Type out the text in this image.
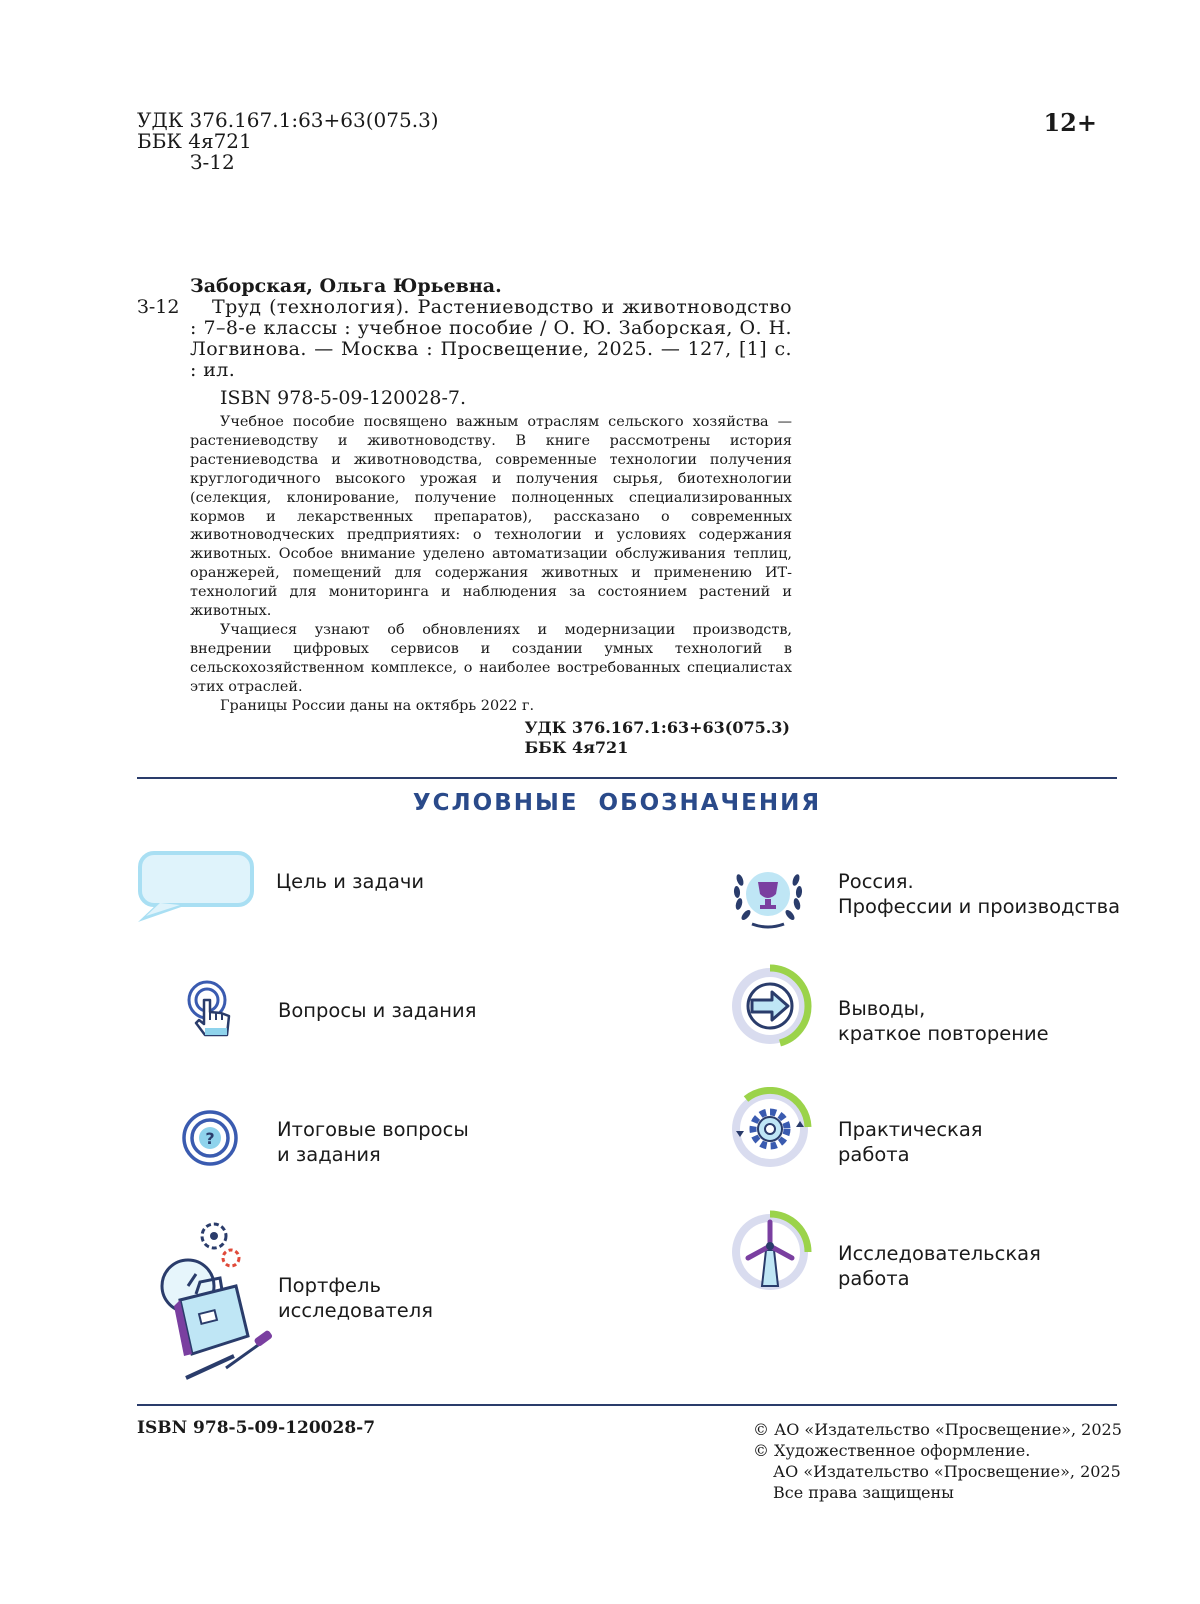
УДК 376.167.1:63+63(075.3)
ББК 4я721
З-12
12+
Заборская, Ольга Юрьевна.
З-12	Труд (технология). Растениеводство и животноводство : 7–8-е классы : учебное пособие / О. Ю. Заборская, О. Н. Логвинова. — Москва : Просвещение, 2025. — 127, [1] с. : ил.
ISBN 978-5-09-120028-7.

Учебное пособие посвящено важным отраслям сельского хозяйства — растениеводству и животноводству. В книге рассмотрены история растениеводства и животноводства, современные технологии получения круглогодичного высокого урожая и получения сырья, биотехнологии (селекция, клонирование, получение полноценных специализированных кормов и лекарственных препаратов), рассказано о современных животноводческих предприятиях: о технологии и условиях содержания животных. Особое внимание уделено автоматизации обслуживания теплиц, оранжерей, помещений для содержания животных и применению ИТ-технологий для мониторинга и наблюдения за состоянием растений и животных.

Учащиеся узнают об обновлениях и модернизации производств, внедрении цифровых сервисов и создании умных технологий в сельскохозяйственном комплексе, о наиболее востребованных специалистах этих отраслей.

Границы России даны на октябрь 2022 г.

УДК 376.167.1:63+63(075.3)
ББК 4я721
УСЛОВНЫЕ ОБОЗНАЧЕНИЯ
?
Цель и задачи
Вопросы и задания
Итоговые вопросы
и задания
Портфель
исследователя
Россия.
Профессии и производства
Выводы,
краткое повторение
Практическая
работа
Исследовательская
работа
ISBN 978-5-09-120028-7	© АО «Издательство «Просвещение», 2025
© Художественное оформление.
АО «Издательство «Просвещение», 2025
Все права защищены
